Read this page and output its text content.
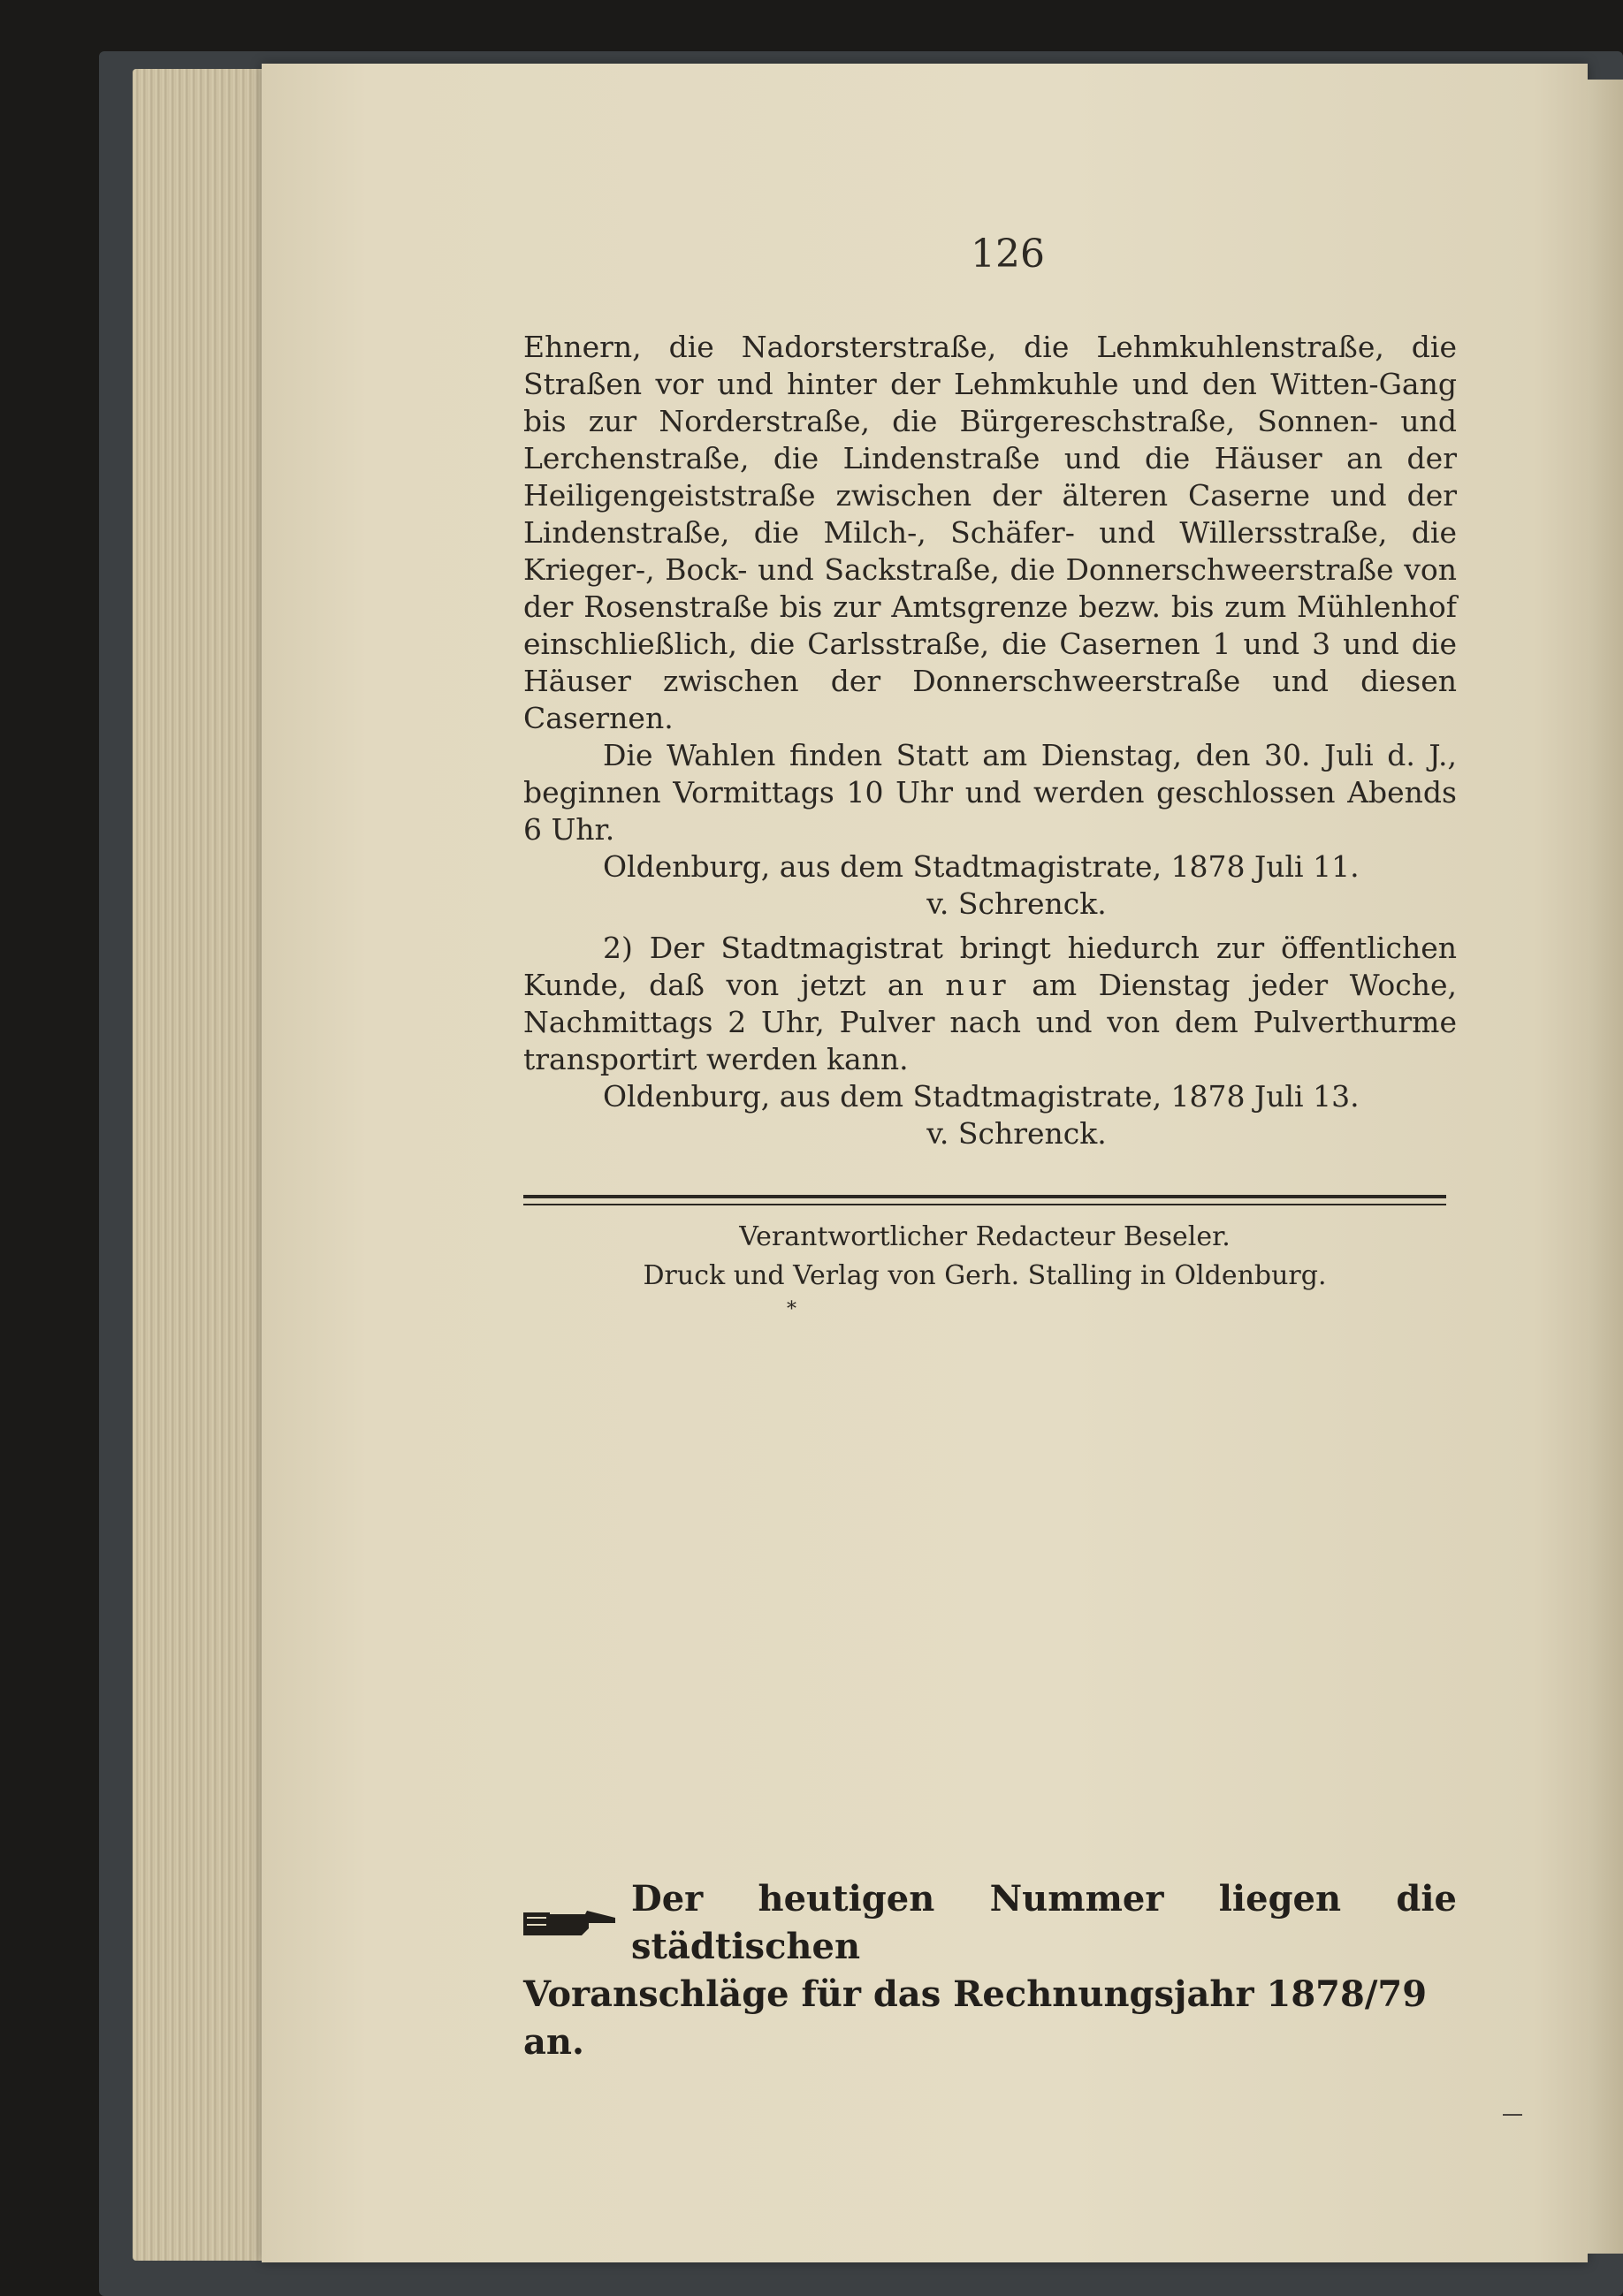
126

Ehnern, die Nadorsterstraße, die Lehmkuhlenstraße, die Straßen vor und hinter der Lehmkuhle und den Witten-Gang bis zur Norderstraße, die Bürgereschstraße, Sonnen- und Lerchenstraße, die Lindenstraße und die Häuser an der Heiligengeiststraße zwischen der älteren Caserne und der Lindenstraße, die Milch-, Schäfer- und Willersstraße, die Krieger-, Bock- und Sackstraße, die Donnerschweerstraße von der Rosenstraße bis zur Amtsgrenze bezw. bis zum Mühlenhof einschließlich, die Carlsstraße, die Casernen 1 und 3 und die Häuser zwischen der Donnerschweerstraße und diesen Casernen.

Die Wahlen finden Statt am Dienstag, den 30. Juli d. J., beginnen Vormittags 10 Uhr und werden geschlossen Abends 6 Uhr.

Oldenburg, aus dem Stadtmagistrate, 1878 Juli 11.

v. Schrenck.

2) Der Stadtmagistrat bringt hiedurch zur öffentlichen Kunde, daß von jetzt an nur am Dienstag jeder Woche, Nachmittags 2 Uhr, Pulver nach und von dem Pulverthurme transportirt werden kann.

Oldenburg, aus dem Stadtmagistrate, 1878 Juli 13.

v. Schrenck.

Verantwortlicher Redacteur Beseler.
Druck und Verlag von Gerh. Stalling in Oldenburg.
⁎
Der heutigen Nummer liegen die städtischen
Voranschläge für das Rechnungsjahr 1878/79 an.
